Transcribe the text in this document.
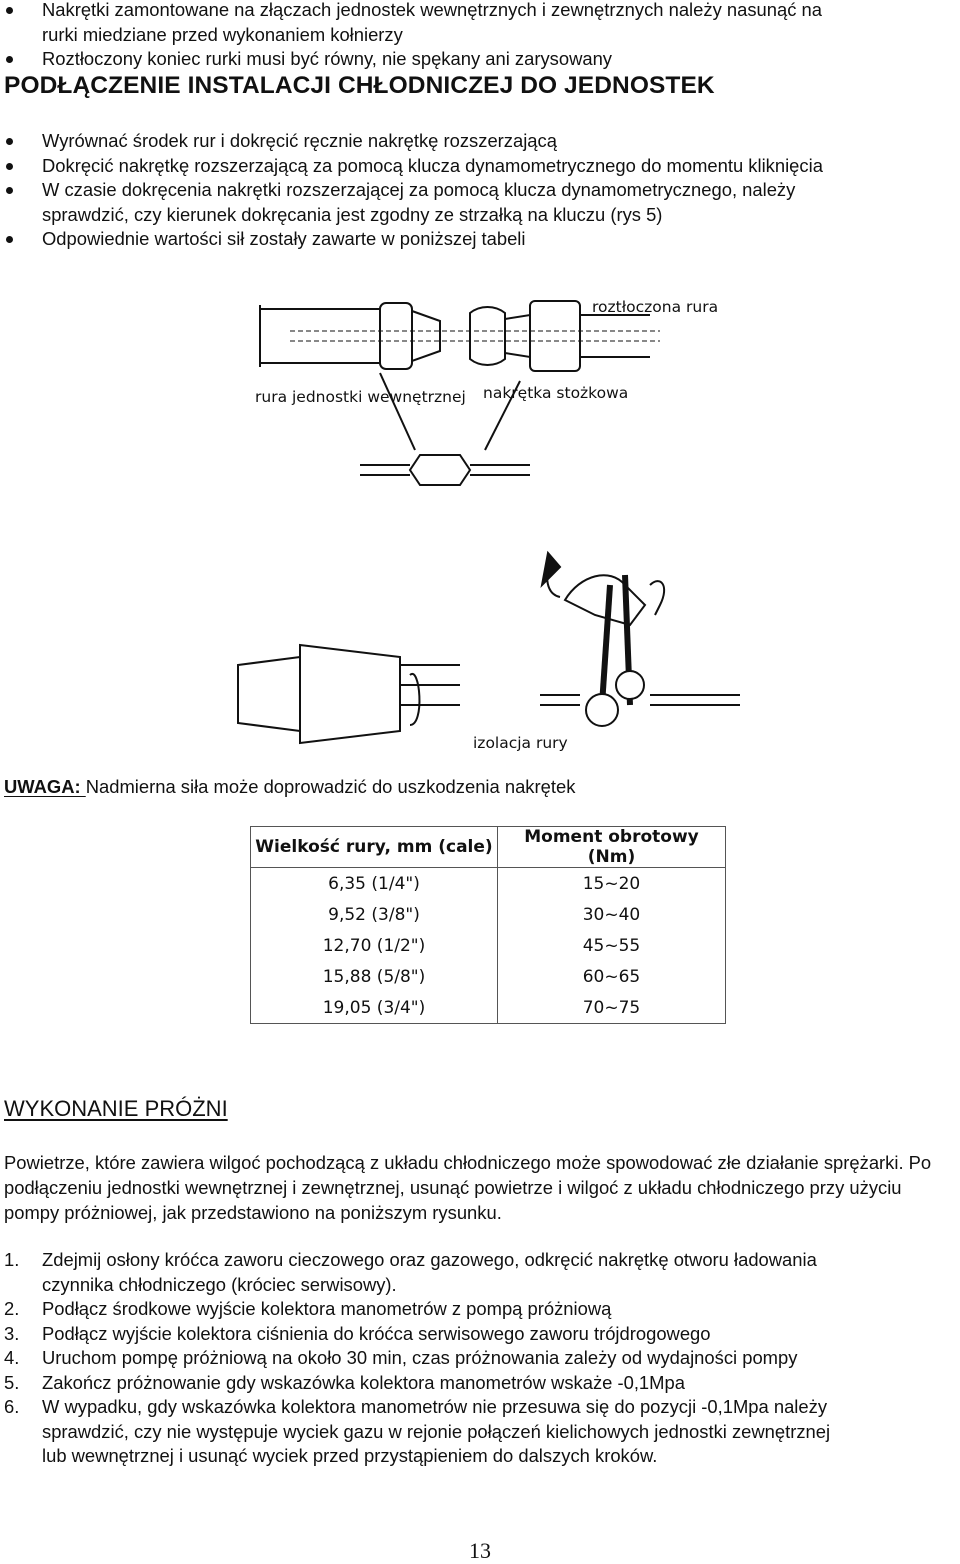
Nakrętki zamontowane na złączach jednostek wewnętrznych i zewnętrznych należy nasunąć na
rurki miedziane przed wykonaniem kołnierzy
Roztłoczony koniec rurki musi być równy, nie spękany ani zarysowany
PODŁĄCZENIE INSTALACJI CHŁODNICZEJ DO JEDNOSTEK
Wyrównać środek rur i dokręcić ręcznie nakrętkę rozszerzającą
Dokręcić nakrętkę rozszerzającą za pomocą klucza dynamometrycznego do momentu kliknięcia
W czasie dokręcenia nakrętki rozszerzającej za pomocą klucza dynamometrycznego, należy
sprawdzić, czy kierunek dokręcania jest zgodny ze strzałką na kluczu (rys 5)
Odpowiednie wartości sił zostały zawarte w poniższej tabeli
roztłoczona rura
rura jednostki wewnętrznej nakrętka stożkowa
izolacja rury
UWAGA: Nadmierna siła może doprowadzić do uszkodzenia nakrętek
Wielkość rury, mm (cale)	Moment obrotowy (Nm)
6,35 (1/4")	15~20
9,52 (3/8")	30~40
12,70 (1/2")	45~55
15,88 (5/8")	60~65
19,05 (3/4")	70~75
WYKONANIE PRÓŻNI
Powietrze, które zawiera wilgoć pochodzącą z układu chłodniczego może spowodować złe działanie sprężarki. Po podłączeniu jednostki wewnętrznej i zewnętrznej, usunąć powietrze i wilgoć z układu chłodniczego przy użyciu pompy próżniowej, jak przedstawiono na poniższym rysunku.
1. Zdejmij osłony króćca zaworu cieczowego oraz gazowego, odkręcić nakrętkę otworu ładowania
czynnika chłodniczego (króciec serwisowy).
2. Podłącz środkowe wyjście kolektora manometrów z pompą próżniową
3. Podłącz wyjście kolektora ciśnienia do króćca serwisowego zaworu trójdrogowego
4. Uruchom pompę próżniową na około 30 min, czas próżnowania zależy od wydajności pompy
5. Zakończ próżnowanie gdy wskazówka kolektora manometrów wskaże -0,1Mpa
6. W wypadku, gdy wskazówka kolektora manometrów nie przesuwa się do pozycji -0,1Mpa należy
sprawdzić, czy nie występuje wyciek gazu w rejonie połączeń kielichowych jednostki zewnętrznej
lub wewnętrznej i usunąć wyciek przed przystąpieniem do dalszych kroków.
13
